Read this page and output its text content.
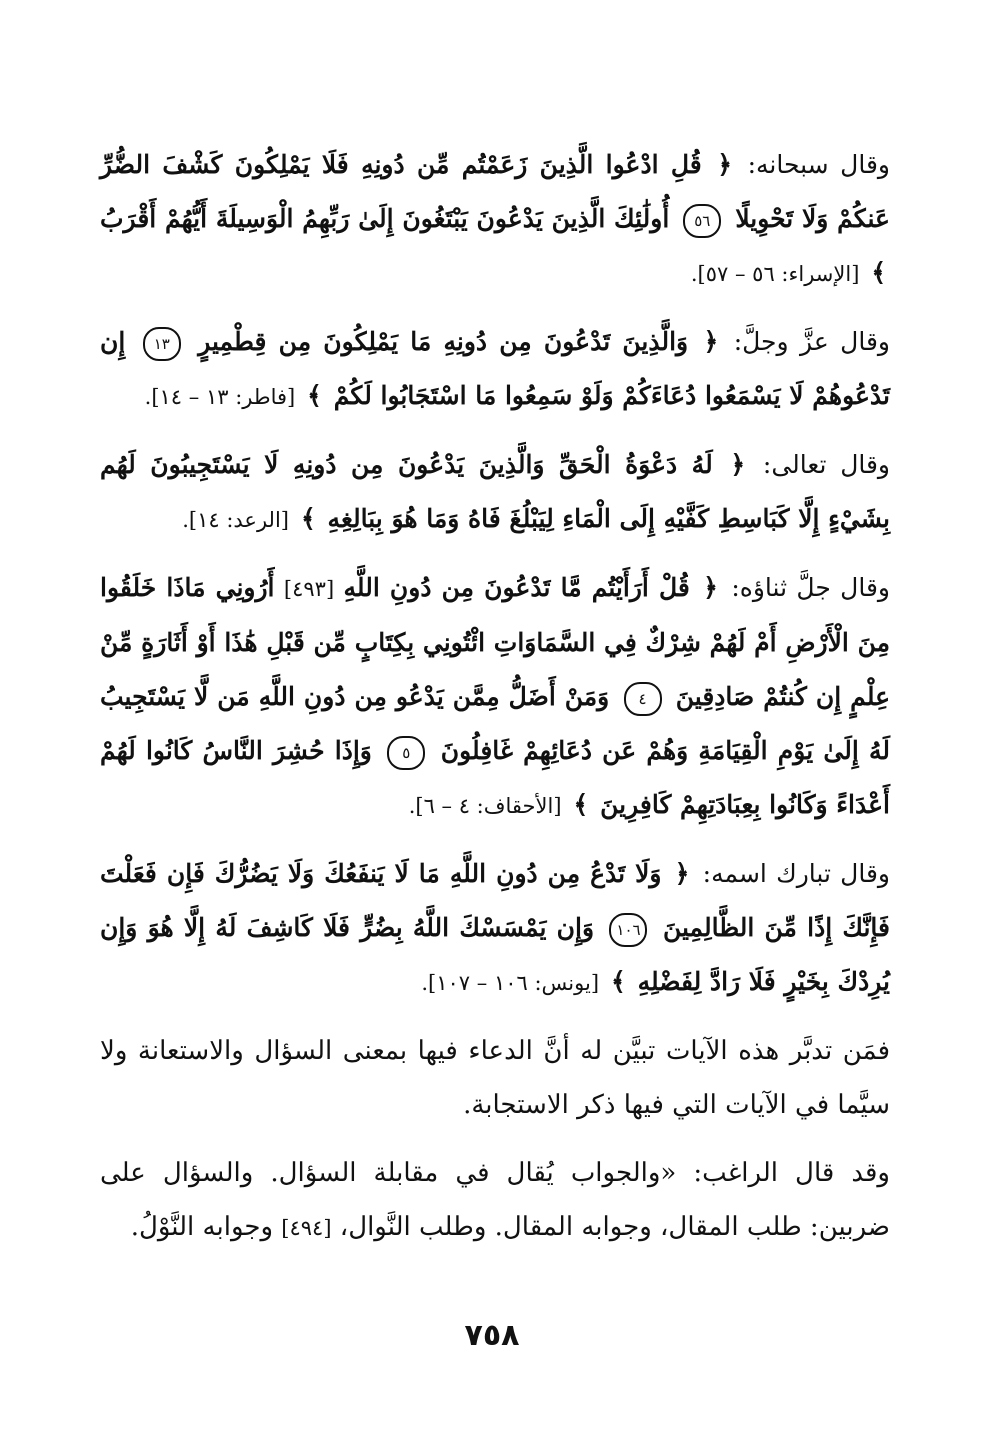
وقال سبحانه: ﴿ قُلِ ادْعُوا الَّذِينَ زَعَمْتُم مِّن دُونِهِ فَلَا يَمْلِكُونَ كَشْفَ الضُّرِّ عَنكُمْ وَلَا تَحْوِيلًا ٥٦ أُولَٰئِكَ الَّذِينَ يَدْعُونَ يَبْتَغُونَ إِلَىٰ رَبِّهِمُ الْوَسِيلَةَ أَيُّهُمْ أَقْرَبُ ﴾ [الإسراء: ٥٦ – ٥٧].

وقال عزَّ وجلَّ: ﴿ وَالَّذِينَ تَدْعُونَ مِن دُونِهِ مَا يَمْلِكُونَ مِن قِطْمِيرٍ ١٣ إِن تَدْعُوهُمْ لَا يَسْمَعُوا دُعَاءَكُمْ وَلَوْ سَمِعُوا مَا اسْتَجَابُوا لَكُمْ ﴾ [فاطر: ١٣ – ١٤].

وقال تعالى: ﴿ لَهُ دَعْوَةُ الْحَقِّ وَالَّذِينَ يَدْعُونَ مِن دُونِهِ لَا يَسْتَجِيبُونَ لَهُم بِشَيْءٍ إِلَّا كَبَاسِطِ كَفَّيْهِ إِلَى الْمَاءِ لِيَبْلُغَ فَاهُ وَمَا هُوَ بِبَالِغِهِ ﴾ [الرعد: ١٤].

وقال جلَّ ثناؤه: ﴿ قُلْ أَرَأَيْتُم مَّا تَدْعُونَ مِن دُونِ اللَّهِ [٤٩٣] أَرُونِي مَاذَا خَلَقُوا مِنَ الْأَرْضِ أَمْ لَهُمْ شِرْكٌ فِي السَّمَاوَاتِ ائْتُونِي بِكِتَابٍ مِّن قَبْلِ هَٰذَا أَوْ أَثَارَةٍ مِّنْ عِلْمٍ إِن كُنتُمْ صَادِقِينَ ٤ وَمَنْ أَضَلُّ مِمَّن يَدْعُو مِن دُونِ اللَّهِ مَن لَّا يَسْتَجِيبُ لَهُ إِلَىٰ يَوْمِ الْقِيَامَةِ وَهُمْ عَن دُعَائِهِمْ غَافِلُونَ ٥ وَإِذَا حُشِرَ النَّاسُ كَانُوا لَهُمْ أَعْدَاءً وَكَانُوا بِعِبَادَتِهِمْ كَافِرِينَ ﴾ [الأحقاف: ٤ – ٦].

وقال تبارك اسمه: ﴿ وَلَا تَدْعُ مِن دُونِ اللَّهِ مَا لَا يَنفَعُكَ وَلَا يَضُرُّكَ فَإِن فَعَلْتَ فَإِنَّكَ إِذًا مِّنَ الظَّالِمِينَ ١٠٦ وَإِن يَمْسَسْكَ اللَّهُ بِضُرٍّ فَلَا كَاشِفَ لَهُ إِلَّا هُوَ وَإِن يُرِدْكَ بِخَيْرٍ فَلَا رَادَّ لِفَضْلِهِ ﴾ [يونس: ١٠٦ – ١٠٧].

فمَن تدبَّر هذه الآيات تبيَّن له أنَّ الدعاء فيها بمعنى السؤال والاستعانة ولا سيَّما في الآيات التي فيها ذكر الاستجابة.

وقد قال الراغب: «والجواب يُقال في مقابلة السؤال. والسؤال على ضربين: طلب المقال، وجوابه المقال. وطلب النَّوال، [٤٩٤] وجوابه النَّوْلُ.

٧٥٨
